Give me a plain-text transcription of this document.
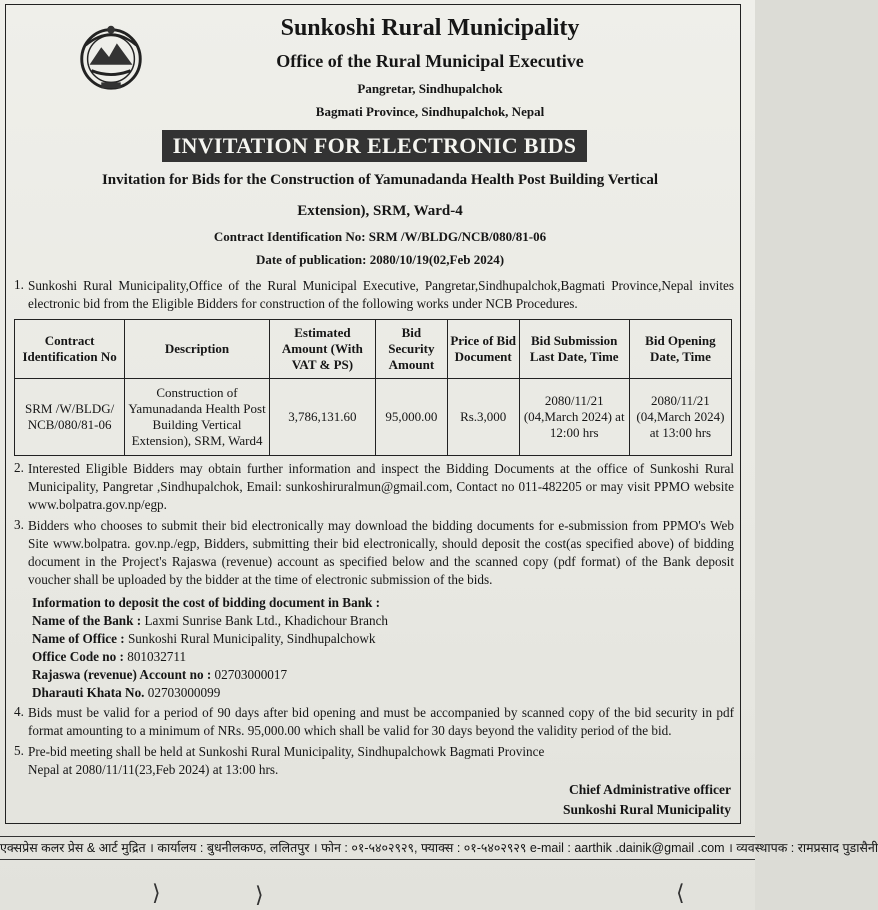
Sunkoshi Rural Municipality
Office of the Rural Municipal Executive
Pangretar, Sindhupalchok
Bagmati Province, Sindhupalchok, Nepal
INVITATION FOR ELECTRONIC BIDS
Invitation for Bids for the Construction of Yamunadanda Health Post Building Vertical
Extension), SRM, Ward-4
Contract Identification No: SRM /W/BLDG/NCB/080/81-06
Date of publication: 2080/10/19(02,Feb 2024)
1. Sunkoshi Rural Municipality,Office of the Rural Municipal Executive, Pangretar,Sindhupalchok,Bagmati Province,Nepal invites electronic bid from the Eligible Bidders for construction of the following works under NCB Procedures.
Contract Identification No	Description	Estimated Amount (With VAT & PS)	Bid Security Amount	Price of Bid Document	Bid Submission Last Date, Time	Bid Opening Date, Time
SRM /W/BLDG/ NCB/080/81-06	Construction of Yamunadanda Health Post Building Vertical Extension), SRM, Ward4	3,786,131.60	95,000.00	Rs.3,000	2080/11/21 (04,March 2024) at 12:00 hrs	2080/11/21 (04,March 2024) at 13:00 hrs
2. Interested Eligible Bidders may obtain further information and inspect the Bidding Documents at the office of Sunkoshi Rural Municipality, Pangretar ,Sindhupalchok, Email: sunkoshiruralmun@gmail.com, Contact no 011-482205 or may visit PPMO website www.bolpatra.gov.np/egp.
3. Bidders who chooses to submit their bid electronically may download the bidding documents for e-submission from PPMO's Web Site www.bolpatra. gov.np./egp, Bidders, submitting their bid electronically, should deposit the cost(as specified above) of bidding document in the Project's Rajaswa (revenue) account as specified below and the scanned copy (pdf format) of the Bank deposit voucher shall be uploaded by the bidder at the time of electronic submission of the bids.
Information to deposit the cost of bidding document in Bank :
Name of the Bank : Laxmi Sunrise Bank Ltd., Khadichour Branch
Name of Office : Sunkoshi Rural Municipality, Sindhupalchowk
Office Code no : 801032711
Rajaswa (revenue) Account no : 02703000017
Dharauti Khata No. 02703000099
4. Bids must be valid for a period of 90 days after bid opening and must be accompanied by scanned copy of the bid security in pdf format amounting to a minimum of NRs. 95,000.00 which shall be valid for 30 days beyond the validity period of the bid.
5. Pre-bid meeting shall be held at Sunkoshi Rural Municipality, Sindhupalchowk Bagmati Province
Nepal at 2080/11/11(23,Feb 2024) at 13:00 hrs.
Chief Administrative officer
Sunkoshi Rural Municipality
एक्सप्रेस कलर प्रेस & आर्ट मुद्रित । कार्यालय : बुधनीलकण्ठ, ललितपुर । फोन : ०१-५४०२९२९, फ्याक्स : ०१-५४०२९२९ e-mail : aarthik .dainik@gmail .com । व्यवस्थापक : रामप्रसाद पुडासैनी
⟩	⟩	⟨
